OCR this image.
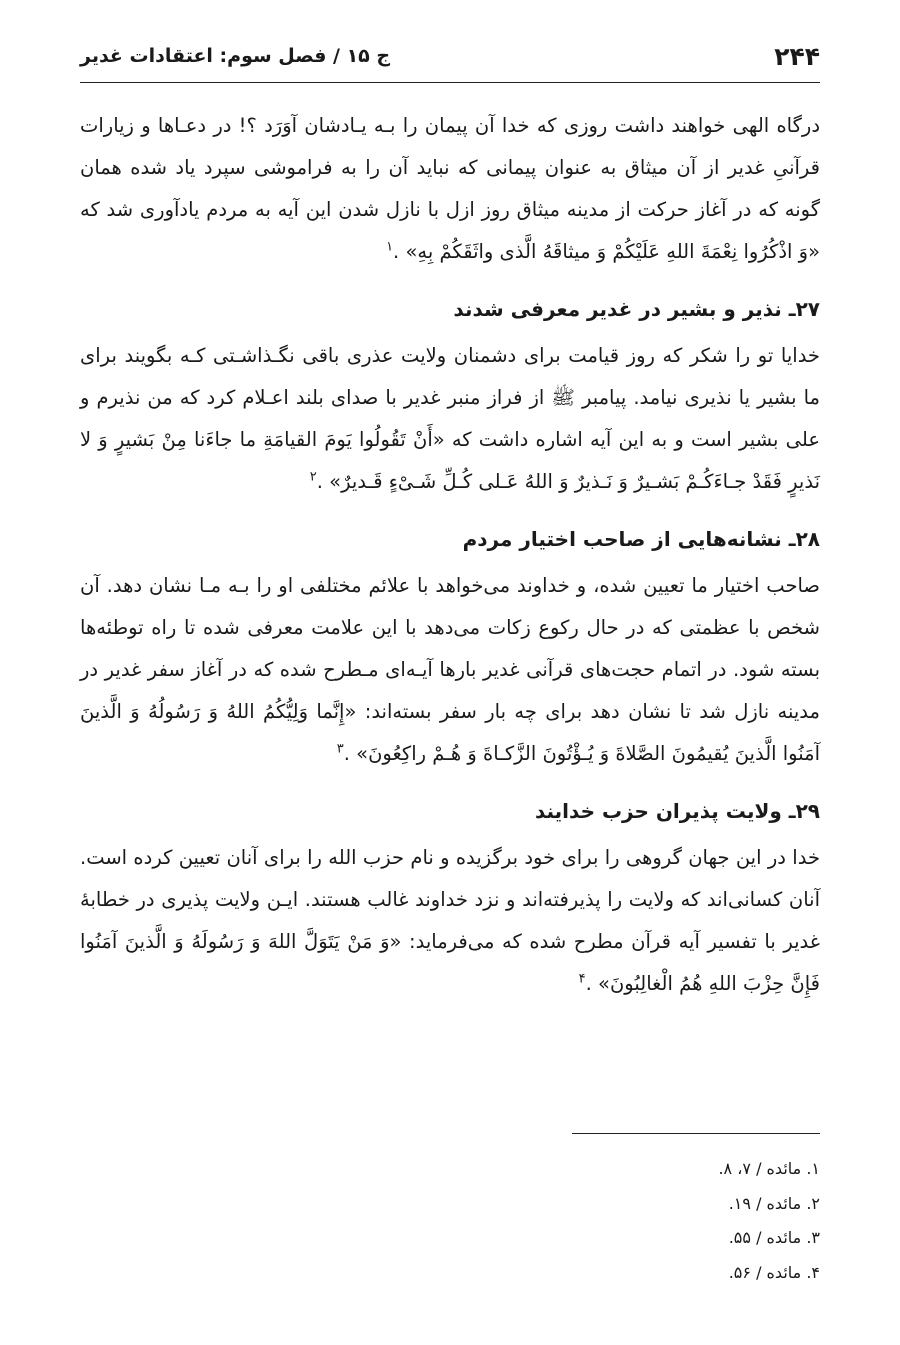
۲۴۴
ج ۱۵ / فصل سوم: اعتقادات غدیر

درگاه الهی خواهند داشت روزی که خدا آن پیمان را بـه یـادشان آوَرَد ؟! در دعـاها و زیارات قرآنیِ غدیر از آن میثاق به عنوان پیمانی که نباید آن را به فراموشی سپرد یاد شده همان گونه که در آغاز حرکت از مدینه میثاق روز ازل با نازل شدن این آیه به مردم یادآوری شد که «وَ اذْکُرُوا نِعْمَةَ اللهِ عَلَیْکُمْ وَ میثاقَهُ الَّذی واثَقَکُمْ بِهِ» .$^۱$

۲۷ـ نذیر و بشیر در غدیر معرفی شدند

خدایا تو را شکر که روز قیامت برای دشمنان ولایت عذری باقی نگـذاشـتی کـه بگویند برای ما بشیر یا نذیری نیامد. پیامبر ﷺ از فراز منبر غدیر با صدای بلند اعـلام کرد که من نذیرم و علی بشیر است و به این آیه اشاره داشت که «أَنْ تَقُولُوا یَومَ القیامَةِ ما جاءَنا مِنْ بَشیرٍ وَ لا نَذیرٍ فَقَدْ جـاءَکُـمْ بَشـیرٌ وَ نَـذیرٌ وَ اللهُ عَـلی کُـلِّ شَـیْءٍ قَـدیرٌ» .$^۲$

۲۸ـ نشانه‌هایی از صاحب اختیار مردم

صاحب اختیار ما تعیین شده، و خداوند می‌خواهد با علائم مختلفی او را بـه مـا نشان دهد. آن شخص با عظمتی که در حال رکوع زکات می‌دهد با این علامت معرفی شده تا راه توطئه‌ها بسته شود. در اتمام حجت‌های قرآنی غدیر بارها آیـه‌ای مـطرح شده که در آغاز سفر غدیر در مدینه نازل شد تا نشان دهد برای چه بار سفر بسته‌اند: «إِنَّما وَلِیُّکُمُ اللهُ وَ رَسُولُهُ وَ الَّذینَ آمَنُوا الَّذینَ یُقیمُونَ الصَّلاةَ وَ یُـؤْتُونَ الزَّکـاةَ وَ هُـمْ راکِعُونَ» .$^۳$

۲۹ـ ولایت پذیران حزب خدایند

خدا در این جهان گروهی را برای خود برگزیده و نام حزب الله را برای آنان تعیین کرده است. آنان کسانی‌اند که ولایت را پذیرفته‌اند و نزد خداوند غالب هستند. ایـن ولایت پذیری در خطابهٔ غدیر با تفسیر آیه قرآن مطرح شده که می‌فرماید: «وَ مَنْ یَتَوَلَّ اللهَ وَ رَسُولَهُ وَ الَّذینَ آمَنُوا فَإِنَّ حِزْبَ اللهِ هُمُ الْغالِبُونَ» .$^۴$

۱. مائده / ۷، ۸.

۲. مائده / ۱۹.

۳. مائده / ۵۵.

۴. مائده / ۵۶.
